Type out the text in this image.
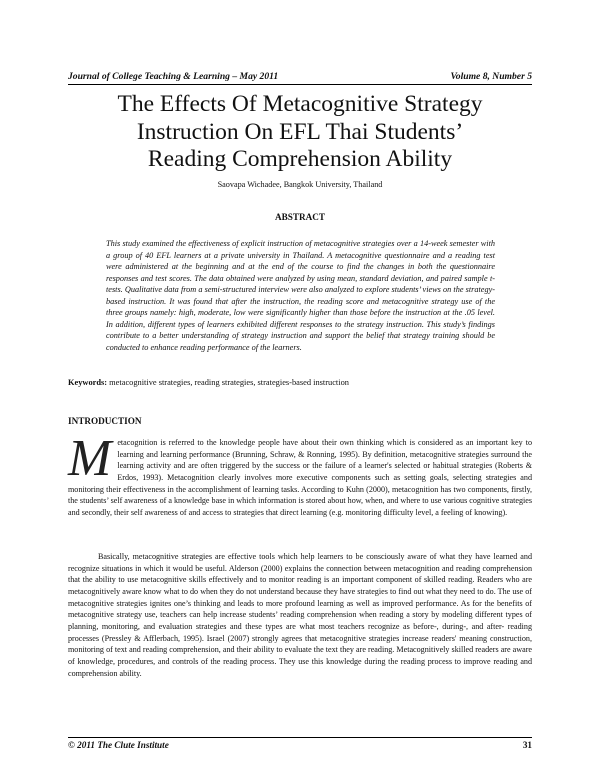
Journal of College Teaching & Learning – May 2011	Volume 8, Number 5
The Effects Of Metacognitive Strategy
Instruction On EFL Thai Students’
Reading Comprehension Ability
Saovapa Wichadee, Bangkok University, Thailand
ABSTRACT
This study examined the effectiveness of explicit instruction of metacognitive strategies over a 14-week semester with a group of 40 EFL learners at a private university in Thailand. A metacognitive questionnaire and a reading test were administered at the beginning and at the end of the course to find the changes in both the questionnaire responses and test scores. The data obtained were analyzed by using mean, standard deviation, and paired sample t-tests. Qualitative data from a semi-structured interview were also analyzed to explore students’ views on the strategy-based instruction. It was found that after the instruction, the reading score and metacognitive strategy use of the three groups namely: high, moderate, low were significantly higher than those before the instruction at the .05 level. In addition, different types of learners exhibited different responses to the strategy instruction. This study’s findings contribute to a better understanding of strategy instruction and support the belief that strategy training should be conducted to enhance reading performance of the learners.
Keywords: metacognitive strategies, reading strategies, strategies-based instruction
INTRODUCTION
Metacognition is referred to the knowledge people have about their own thinking which is considered as an important key to learning and learning performance (Brunning, Schraw, & Ronning, 1995). By definition, metacognitive strategies surround the learning activity and are often triggered by the success or the failure of a learner's selected or habitual strategies (Roberts & Erdos, 1993). Metacognition clearly involves more executive components such as setting goals, selecting strategies and monitoring their effectiveness in the accomplishment of learning tasks. According to Kuhn (2000), metacognition has two components, firstly, the students’ self awareness of a knowledge base in which information is stored about how, when, and where to use various cognitive strategies and secondly, their self awareness of and access to strategies that direct learning (e.g. monitoring difficulty level, a feeling of knowing).
Basically, metacognitive strategies are effective tools which help learners to be consciously aware of what they have learned and recognize situations in which it would be useful. Alderson (2000) explains the connection between metacognition and reading comprehension that the ability to use metacognitive skills effectively and to monitor reading is an important component of skilled reading. Readers who are metacognitively aware know what to do when they do not understand because they have strategies to find out what they need to do. The use of metacognitive strategies ignites one’s thinking and leads to more profound learning as well as improved performance. As for the benefits of metacognitive strategy use, teachers can help increase students’ reading comprehension when reading a story by modeling different types of planning, monitoring, and evaluation strategies and these types are what most teachers recognize as before-, during-, and after- reading processes (Pressley & Afflerbach, 1995). Israel (2007) strongly agrees that metacognitive strategies increase readers' meaning construction, monitoring of text and reading comprehension, and their ability to evaluate the text they are reading. Metacognitively skilled readers are aware of knowledge, procedures, and controls of the reading process. They use this knowledge during the reading process to improve reading and comprehension ability.
© 2011 The Clute Institute	31
